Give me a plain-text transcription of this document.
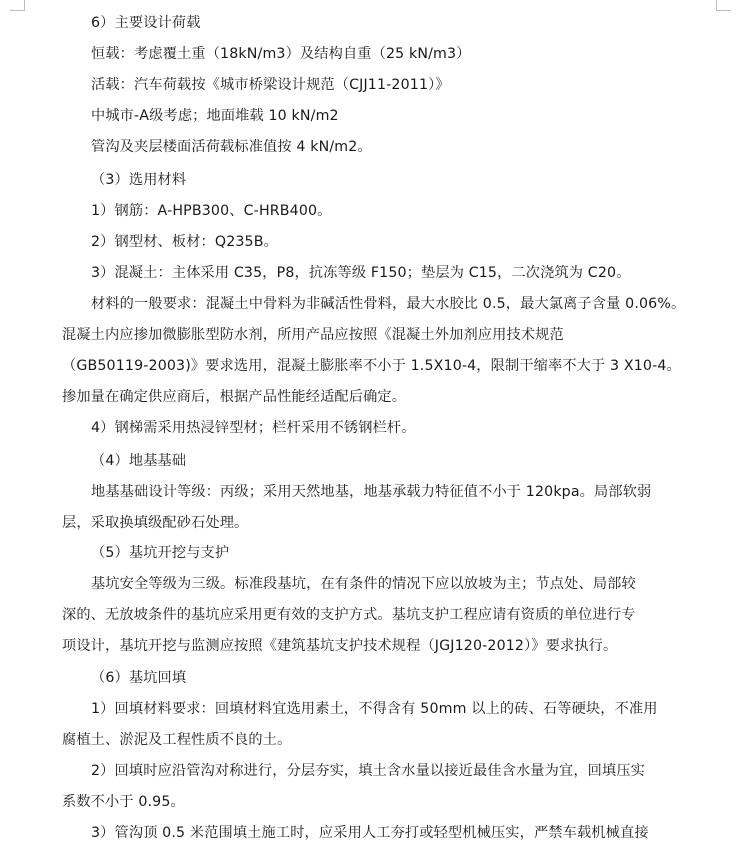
6）主要设计荷载
恒载：考虑覆土重（18kN/m3）及结构自重（25 kN/m3）
活载：汽车荷载按《城市桥梁设计规范（CJJ11-2011）》
中城市-A级考虑；地面堆载 10 kN/m2
管沟及夹层楼面活荷载标准值按 4 kN/m2。
（3）选用材料
1）钢筋：A-HPB300、C-HRB400。
2）钢型材、板材：Q235B。
3）混凝土：主体采用 C35，P8，抗冻等级 F150；垫层为 C15，二次浇筑为 C20。
材料的一般要求：混凝土中骨料为非碱活性骨料，最大水胶比 0.5，最大氯离子含量 0.06%。
混凝土内应掺加微膨胀型防水剂，所用产品应按照《混凝土外加剂应用技术规范
（GB50119-2003)》要求选用，混凝土膨胀率不小于 1.5X10-4，限制干缩率不大于 3 X10-4。
掺加量在确定供应商后，根据产品性能经适配后确定。
4）钢梯需采用热浸锌型材；栏杆采用不锈钢栏杆。
（4）地基基础
地基基础设计等级：丙级；采用天然地基，地基承载力特征值不小于 120kpa。局部软弱
层，采取换填级配砂石处理。
（5）基坑开挖与支护
基坑安全等级为三级。标准段基坑，在有条件的情况下应以放坡为主；节点处、局部较
深的、无放坡条件的基坑应采用更有效的支护方式。基坑支护工程应请有资质的单位进行专
项设计，基坑开挖与监测应按照《建筑基坑支护技术规程（JGJ120-2012）》要求执行。
（6）基坑回填
1）回填材料要求：回填材料宜选用素土，不得含有 50mm 以上的砖、石等硬块，不准用
腐植土、淤泥及工程性质不良的土。
2）回填时应沿管沟对称进行，分层夯实，填土含水量以接近最佳含水量为宜，回填压实
系数不小于 0.95。
3）管沟顶 0.5 米范围填土施工时，应采用人工夯打或轻型机械压实，严禁车载机械直接
